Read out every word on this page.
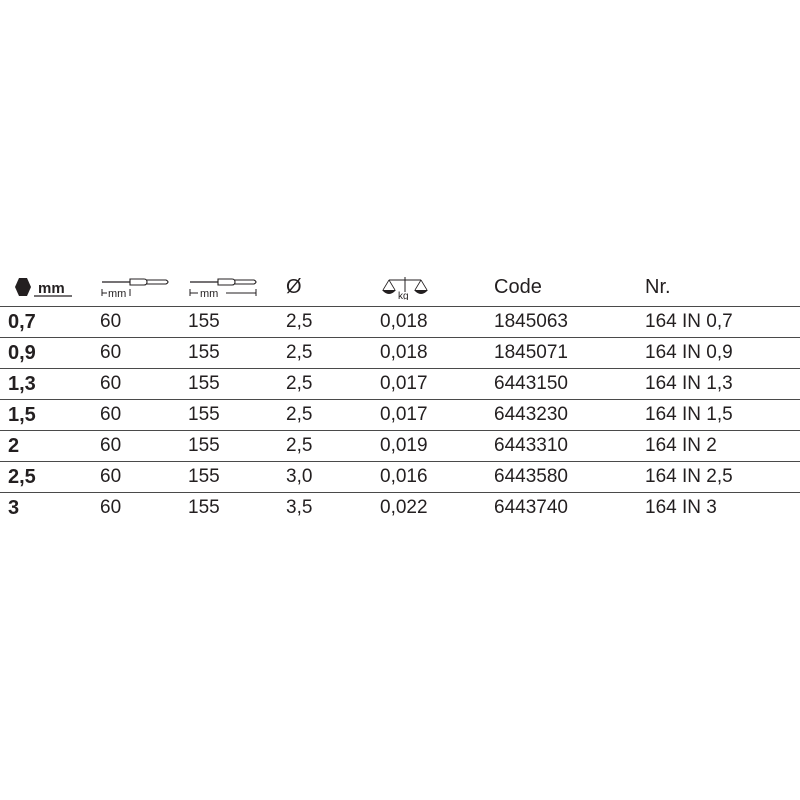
mm	mm	mm	Ø	kg	Code	Nr.
0,7	60	155	2,5	0,018	1845063	164 IN 0,7
0,9	60	155	2,5	0,018	1845071	164 IN 0,9
1,3	60	155	2,5	0,017	6443150	164 IN 1,3
1,5	60	155	2,5	0,017	6443230	164 IN 1,5
2	60	155	2,5	0,019	6443310	164 IN 2
2,5	60	155	3,0	0,016	6443580	164 IN 2,5
3	60	155	3,5	0,022	6443740	164 IN 3
